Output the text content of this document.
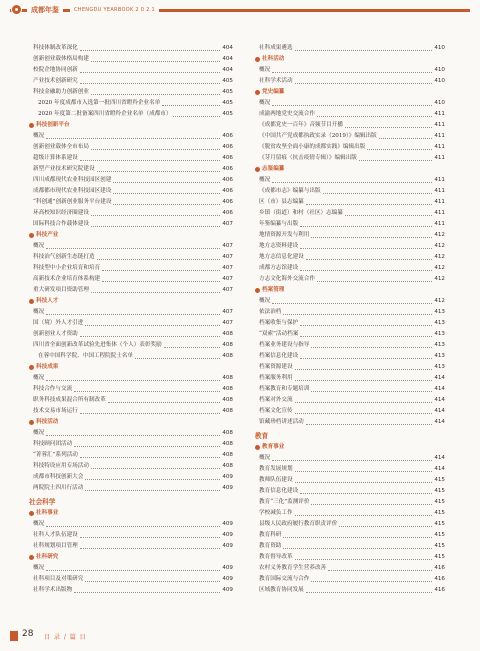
成都年鉴	CHENGDU YEARBOOK 2 0 2 1
科技体制改革深化	404
创新创业载体格局构建	404
校院企地协同创新	404
产业技术创新研究	405
科技金融助力创新创业	405
2020 年度成都市入选第一批四川省瞪羚企业名单	405
2020 年度第二批备案四川省瞪羚企业名单（成都市）	405
科技创新平台
概况	406
创新创业载体全市布局	406
超级计算体系建设	406
新型产业技术研究院建设	406
四川成都现代农业科技园区创建	406
成都都市现代农业科技园区建设	406
“科创通”创新创业服务平台建设	406
环高校知识经济圈建设	406
国际科技合作载体建设	407
科技产业
概况	407
科技治气创新生态链打造	407
科技型中小企业培育和培育	407
高新技术企业培育体系构建	407
重大研发项目资助管理	407
科技人才
概况	407
国（境）外人才引进	407
创新创业人才资助	408
四川省全面创新改革试验先进集体（个人）表彰奖励	408
在蓉中国科学院、中国工程院院士名单	408
科技成果
概况	408
科技合作与交流	408
职务科技成果混合所有制改革	408
技术交易市场运行	408
科技活动
概况	408
科技顾问团活动	408
“菁蓉汇”系列活动	408
科技特设应用专场活动	408
成都市科技创新大会	409
两院院士四川行活动	409
社会科学
社科事业
概况	409
社科人才队伍建设	409
社科规划项目管理	409
社科研究
概况	409
社科项目及对策研究	409
社科学术出版物	409
社科成果遴选	410
社科活动
概况	410
社科学术活动	410
党史编纂
概况	410
成渝两地党史交流合作	411
《成都党史一百年》音频节目开播	411
《中国共产党成都执政实录（2019）》编辑出版	411
《脱贫攻坚全面小康的成都实践》编辑出版	411
《芽月留痕（抗击疫情专辑）》编辑出版	411
志鉴编纂
概况	411
《成都市志》编纂与出版	411
区（市）县志编纂	411
乡镇（街道）和村（社区）志编纂	411
年鉴编纂与出版	411
地情资源开发与利用	412
地方志资料建设	412
地方志信息化建设	412
成都方志馆建设	412
方志文化海外交流合作	412
档案管理
概况	412
依法治档	413
档案收集与保护	413
“双索”活动档案	413
档案业务建设与指导	413
档案信息化建设	413
档案资源建设	413
档案服务利用	414
档案教育和专题培训	414
档案对外交流	414
档案文化宣传	414
馆藏珍档讲述活动	414
教育
教育事业
概况	414
教育发展规划	414
教师队伍建设	415
教育信息化建设	415
教育“三化”监测评价	415
学校减负工作	415
县级人民政府履行教育职责评价	415
教育科研	415
教育资助	415
教育督导改革	415
农村义务教育学生营养改善	416
教育国际交流与合作	416
区域教育协同发展	416
28 目 录 / 篇 目
